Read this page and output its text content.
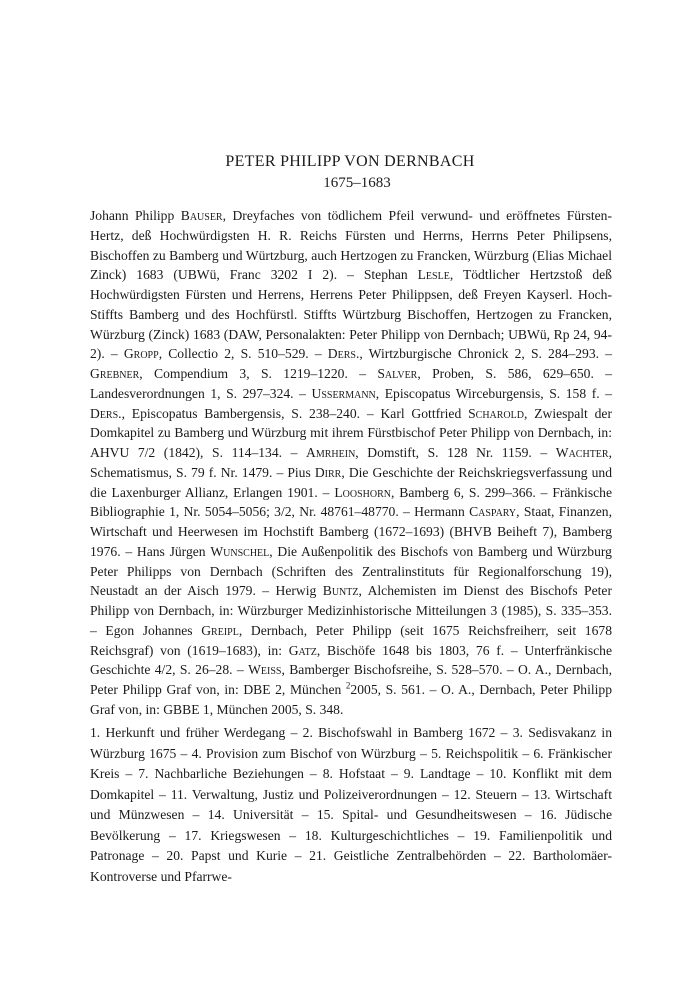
PETER PHILIPP VON DERNBACH
1675–1683
Johann Philipp Bauser, Dreyfaches von tödlichem Pfeil verwund- und eröffnetes Fürsten-Hertz, deß Hochwürdigsten H. R. Reichs Fürsten und Herrns, Herrns Peter Philipsens, Bischoffen zu Bamberg und Würtzburg, auch Hertzogen zu Francken, Würzburg (Elias Michael Zinck) 1683 (UBWü, Franc 3202 I 2). – Stephan Lesle, Tödtlicher Hertzstoß deß Hochwürdigsten Fürsten und Herrens, Herrens Peter Philippsen, deß Freyen Kayserl. Hoch-Stiffts Bamberg und des Hochfürstl. Stiffts Würtzburg Bischoffen, Hertzogen zu Francken, Würzburg (Zinck) 1683 (DAW, Personalakten: Peter Philipp von Dernbach; UBWü, Rp 24, 94-2). – Gropp, Collectio 2, S. 510–529. – Ders., Wirtzburgische Chronick 2, S. 284–293. – Grebner, Compendium 3, S. 1219–1220. – Salver, Proben, S. 586, 629–650. – Landesverordnungen 1, S. 297–324. – Ussermann, Episcopatus Wirceburgensis, S. 158 f. – Ders., Episcopatus Bambergensis, S. 238–240. – Karl Gottfried Scharold, Zwiespalt der Domkapitel zu Bamberg und Würzburg mit ihrem Fürstbischof Peter Philipp von Dernbach, in: AHVU 7/2 (1842), S. 114–134. – Amrhein, Domstift, S. 128 Nr. 1159. – Wachter, Schematismus, S. 79 f. Nr. 1479. – Pius Dirr, Die Geschichte der Reichskriegsverfassung und die Laxenburger Allianz, Erlangen 1901. – Looshorn, Bamberg 6, S. 299–366. – Fränkische Bibliographie 1, Nr. 5054–5056; 3/2, Nr. 48761–48770. – Hermann Caspary, Staat, Finanzen, Wirtschaft und Heerwesen im Hochstift Bamberg (1672–1693) (BHVB Beiheft 7), Bamberg 1976. – Hans Jürgen Wunschel, Die Außenpolitik des Bischofs von Bamberg und Würzburg Peter Philipps von Dernbach (Schriften des Zentralinstituts für Regionalforschung 19), Neustadt an der Aisch 1979. – Herwig Buntz, Alchemisten im Dienst des Bischofs Peter Philipp von Dernbach, in: Würzburger Medizinhistorische Mitteilungen 3 (1985), S. 335–353. – Egon Johannes Greipl, Dernbach, Peter Philipp (seit 1675 Reichsfreiherr, seit 1678 Reichsgraf) von (1619–1683), in: Gatz, Bischöfe 1648 bis 1803, 76 f. – Unterfränkische Geschichte 4/2, S. 26–28. – Weiss, Bamberger Bischofsreihe, S. 528–570. – O. A., Dernbach, Peter Philipp Graf von, in: DBE 2, München $^2$2005, S. 561. – O. A., Dernbach, Peter Philipp Graf von, in: GBBE 1, München 2005, S. 348.
1. Herkunft und früher Werdegang – 2. Bischofswahl in Bamberg 1672 – 3. Sedisvakanz in Würzburg 1675 – 4. Provision zum Bischof von Würzburg – 5. Reichspolitik – 6. Fränkischer Kreis – 7. Nachbarliche Beziehungen – 8. Hofstaat – 9. Landtage – 10. Konflikt mit dem Domkapitel – 11. Verwaltung, Justiz und Polizeiverordnungen – 12. Steuern – 13. Wirtschaft und Münzwesen – 14. Universität – 15. Spital- und Gesundheitswesen – 16. Jüdische Bevölkerung – 17. Kriegswesen – 18. Kulturgeschichtliches – 19. Familienpolitik und Patronage – 20. Papst und Kurie – 21. Geistliche Zentralbehörden – 22. Bartholomäer-Kontroverse und Pfarrwe-
